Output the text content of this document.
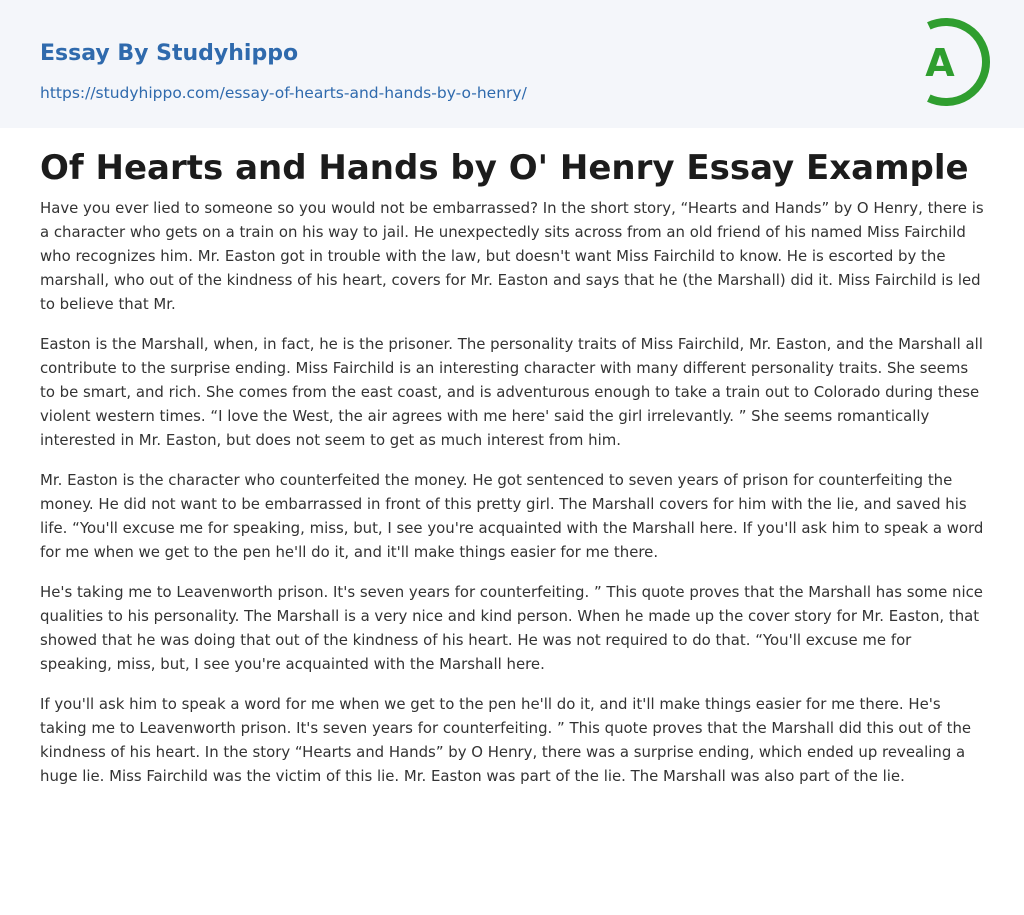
Essay By Studyhippo
https://studyhippo.com/essay-of-hearts-and-hands-by-o-henry/
A
Of Hearts and Hands by O' Henry Essay Example

Have you ever lied to someone so you would not be embarrassed? In the short story, “Hearts and Hands” by O Henry, there is a character who gets on a train on his way to jail. He unexpectedly sits across from an old friend of his named Miss Fairchild who recognizes him. Mr. Easton got in trouble with the law, but doesn't want Miss Fairchild to know. He is escorted by the marshall, who out of the kindness of his heart, covers for Mr. Easton and says that he (the Marshall) did it. Miss Fairchild is led to believe that Mr.

Easton is the Marshall, when, in fact, he is the prisoner. The personality traits of Miss Fairchild, Mr. Easton, and the Marshall all contribute to the surprise ending. Miss Fairchild is an interesting character with many different personality traits. She seems to be smart, and rich. She comes from the east coast, and is adventurous enough to take a train out to Colorado during these violent western times. “I love the West, the air agrees with me here' said the girl irrelevantly. ” She seems romantically interested in Mr. Easton, but does not seem to get as much interest from him.

Mr. Easton is the character who counterfeited the money. He got sentenced to seven years of prison for counterfeiting the money. He did not want to be embarrassed in front of this pretty girl. The Marshall covers for him with the lie, and saved his life. “You'll excuse me for speaking, miss, but, I see you're acquainted with the Marshall here. If you'll ask him to speak a word for me when we get to the pen he'll do it, and it'll make things easier for me there.

He's taking me to Leavenworth prison. It's seven years for counterfeiting. ” This quote proves that the Marshall has some nice qualities to his personality. The Marshall is a very nice and kind person. When he made up the cover story for Mr. Easton, that showed that he was doing that out of the kindness of his heart. He was not required to do that. “You'll excuse me for speaking, miss, but, I see you're acquainted with the Marshall here.

If you'll ask him to speak a word for me when we get to the pen he'll do it, and it'll make things easier for me there. He's taking me to Leavenworth prison. It's seven years for counterfeiting. ” This quote proves that the Marshall did this out of the kindness of his heart. In the story “Hearts and Hands” by O Henry, there was a surprise ending, which ended up revealing a huge lie. Miss Fairchild was the victim of this lie. Mr. Easton was part of the lie. The Marshall was also part of the lie.
